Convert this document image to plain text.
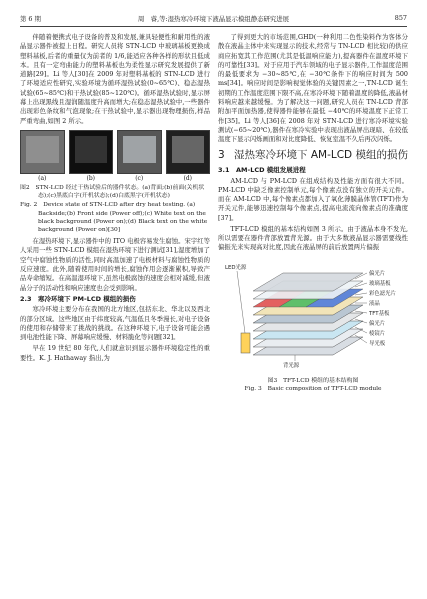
第 6 期	周　睿,等:湿热寒冷环境下液晶显示模组静态研究进展	857

伴随着便携式电子设备的普及和发展,兼具轻便性和耐用性的液晶显示器件被提上日程。研究人员将 STN-LCD 中玻璃基板更换成塑料基板,后者的重量仅为前者的 1/6,能适应各种各样的形状且低成本。且有一定弯曲能力的塑料基板也为柔性显示研究发展提供了新道路[29]。Li 等人[30]在 2009 年对塑料基板的 STN-LCD 进行了环境适应性研究,实验环境为循环湿热试验(0~65℃)、稳态湿热试验(65~85℃)和干热试验(85~120℃)。循环湿热试验时,显示屏幕上出现黑线且湿润随温度升高而增大;在稳态湿热试验中,一些器件出现彩色条纹和气泡现象;在干热试验中,显示器出现物理损伤,样品严重弯曲,如图 2 所示。

(a)	(b)	(c)	(d)
图2　STN-LCD 经过干热试验后的器件状态。(a)背面;(b)前面(关机状态);(c)黑底白字(开机状态);(d)白底黑字(开机状态)
Fig. 2　Device state of STN-LCD after dry heat testing. (a) Backside;(b) Front side (Power off);(c) White text on the black background (Power on);(d) Black text on the white background (Power on)[30]

在湿热环境下,显示器件中的 ITO 电极容易发生腐蚀。宋宇红等人采用一些 STN-LCD 模组在湿热环境下进行测试[31],湿度增加了空气中腐蚀性物质的活性,同时高温加速了电极材料与腐蚀性物质的反应速度。此外,随着使用时间的增长,腐蚀作用会逐渐累积,导致产品寿命缩短。在高温湿环境下,虽然电极腐蚀的速度会相对减缓,但液晶分子的活动性和响应速度也会受到影响。

2.3　寒冷环境下 PM-LCD 模组的损伤

寒冷环境主要分布在我国的北方地区,包括东北、华北以及西北的部分区域。这些地区由于纬度较高,气温低且冬季漫长,对电子设备的使用和存储带来了挑战的挑战。在这种环境下,电子设备可能会遇到电池性能下降、屏幕响应缓慢、材料脆化等问题[32]。

早在 19 世纪 80 年代,人们就意识到显示器件环境稳定性的重要性。K. J. Hathaway 指出,为

了得到更大的市场范围,GHD(一种利用二色性染料作为客体分散在液晶主体中来实现显示的技术,经常与 TN-LCD 相比较)的供应商应拓宽其工作范围(尤其是低温响应能力),提高器件在温度环境下的可靠性[33]。对于应用于汽车领域的电子显示器件,工作温度范围的最低要求为 −30~85℃,在 −30℃条件下的响应时间为 500 ms[34]。响应时间是影响视觉体验的关键因素之一,TN-LCD 诞生初期的工作温度范围下限不高,在寒冷环境下随着温度的降低,液晶材料响应越来越缓慢。为了解决这一问题,研究人员在 TN-LCD 背部附加平面加热器,使得器件能够在最低 −40℃的环境温度下正常工作[35]。Li 等人[36]在 2008 年对 STN-LCD 进行寒冷环境实验测试(−65~20℃),器件在寒冷实验中表现出液晶屏出现暗、在较低温度下显示闪烁画面和对比度降低、恢复室温不久后再次闪烁。

3 湿热寒冷环境下 AM-LCD 模组的损伤
3.1　AM-LCD 模组发展进程

AM-LCD 与 PM-LCD 在组成结构及性能方面有很大不同。PM-LCD 中缺乏像素控制单元,每个像素点没有独立的开关元件。而在 AM-LCD 中,每个像素点都加入了氧化薄膜晶体管(TFT)作为开关元件,能够迅速控制每个像素点,提高电流流向像素点的准确度[37]。

TFT-LCD 模组的基本结构如图 3 所示。由于液晶本身不发光,所以需要在器件背部放置背光源。由于大多数液晶显示器需要线性偏振光来实现高对比度,因此在液晶屏的前后放置两片偏振

LED光源
偏光片
玻璃基板
彩色滤光片
液晶
TFT基板
偏光片
棱镜片
导光板
背光源
图3　TFT-LCD 模组的基本结构图
Fig. 3　Basic composition of TFT-LCD module
